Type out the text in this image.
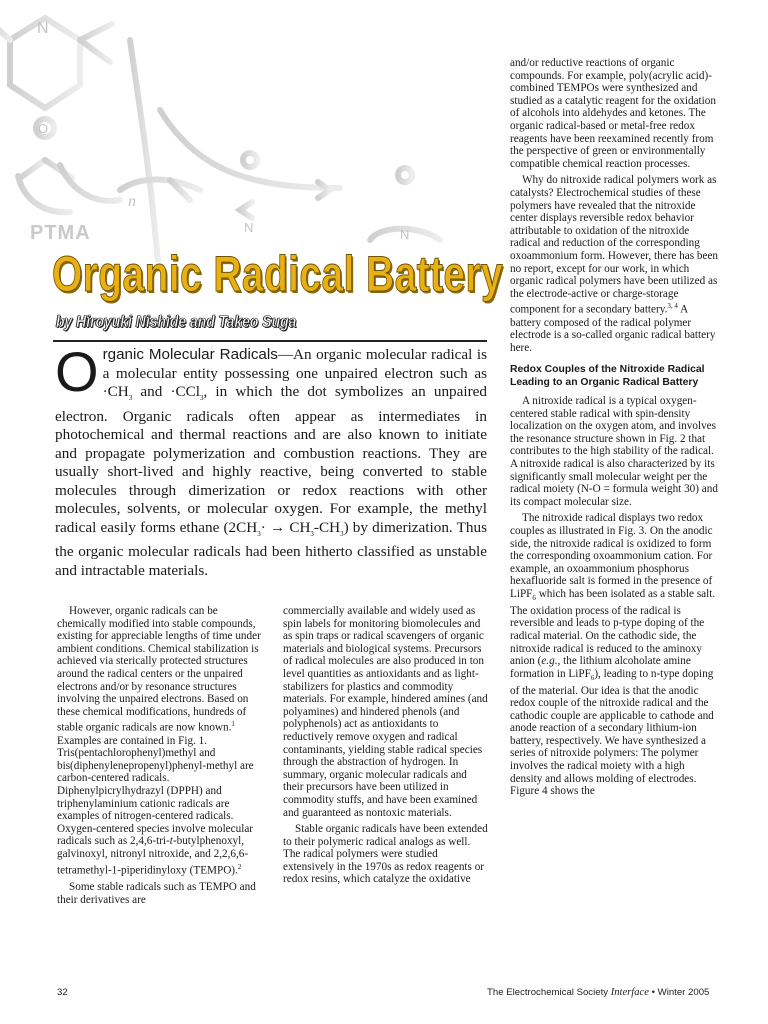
n
N
O
N	N
PTMA
Organic Radical Battery
by Hiroyuki Nishide and Takeo Suga

Organic Molecular Radicals—An organic molecular radical is a molecular entity possessing one unpaired electron such as $\cdot CH_3$ and ·CCl$_3$, in which the dot symbolizes an unpaired electron. Organic radicals often appear as intermediates in photochemical and thermal reactions and are also known to initiate and propagate polymerization and combustion reactions. They are usually short-lived and highly reactive, being converted to stable molecules through dimerization or redox reactions with other molecules, solvents, or molecular oxygen. For example, the methyl radical easily forms ethane $(2CH_3\cdot \to CH_3-CH_3)$ by dimerization. Thus the organic molecular radicals had been hitherto classified as unstable and intractable materials.

However, organic radicals can be chemically modified into stable compounds, existing for appreciable lengths of time under ambient conditions. Chemical stabilization is achieved via sterically protected structures around the radical centers or the unpaired electrons and/or by resonance structures involving the unpaired electrons. Based on these chemical modifications, hundreds of stable organic radicals are now known.$^1$ Examples are contained in Fig. 1. Tris(pentachlorophenyl)methyl and bis(diphenylenepropenyl)phenyl-methyl are carbon-centered radicals. Diphenylpicrylhydrazyl (DPPH) and triphenylaminium cationic radicals are examples of nitrogen-centered radicals. Oxygen-centered species involve molecular radicals such as 2,4,6-tri-t-butylphenoxyl, galvinoxyl, nitronyl nitroxide, and 2,2,6,6-tetramethyl-1-piperidinyloxy (TEMPO).$^2$

Some stable radicals such as TEMPO and their derivatives are

commercially available and widely used as spin labels for monitoring biomolecules and as spin traps or radical scavengers of organic materials and biological systems. Precursors of radical molecules are also produced in ton level quantities as antioxidants and as light-stabilizers for plastics and commodity materials. For example, hindered amines (and polyamines) and hindered phenols (and polyphenols) act as antioxidants to reductively remove oxygen and radical contaminants, yielding stable radical species through the abstraction of hydrogen. In summary, organic molecular radicals and their precursors have been utilized in commodity stuffs, and have been examined and guaranteed as nontoxic materials.

Stable organic radicals have been extended to their polymeric radical analogs as well. The radical polymers were studied extensively in the 1970s as redox reagents or redox resins, which catalyze the oxidative

and/or reductive reactions of organic compounds. For example, poly(acrylic acid)-combined TEMPOs were synthesized and studied as a catalytic reagent for the oxidation of alcohols into aldehydes and ketones. The organic radical-based or metal-free redox reagents have been reexamined recently from the perspective of green or environmentally compatible chemical reaction processes.

Why do nitroxide radical polymers work as catalysts? Electrochemical studies of these polymers have revealed that the nitroxide center displays reversible redox behavior attributable to oxidation of the nitroxide radical and reduction of the corresponding oxoammonium form. However, there has been no report, except for our work, in which organic radical polymers have been utilized as the electrode-active or charge-storage component for a secondary battery.$^{3, 4}$ A battery composed of the radical polymer electrode is a so-called organic radical battery here.

Redox Couples of the Nitroxide Radical Leading to an Organic Radical Battery

A nitroxide radical is a typical oxygen-centered stable radical with spin-density localization on the oxygen atom, and involves the resonance structure shown in Fig. 2 that contributes to the high stability of the radical. A nitroxide radical is also characterized by its significantly small molecular weight per the radical moiety (N-O = formula weight 30) and its compact molecular size.

The nitroxide radical displays two redox couples as illustrated in Fig. 3. On the anodic side, the nitroxide radical is oxidized to form the corresponding oxoammonium cation. For example, an oxoammonium phosphorus hexafluoride salt is formed in the presence of LiPF$_6$ which has been isolated as a stable salt. The oxidation process of the radical is reversible and leads to p-type doping of the radical material. On the cathodic side, the nitroxide radical is reduced to the aminoxy anion (e.g., the lithium alcoholate amine formation in LiPF$_6$), leading to n-type doping of the material. Our idea is that the anodic redox couple of the nitroxide radical and the cathodic couple are applicable to cathode and anode reaction of a secondary lithium-ion battery, respectively. We have synthesized a series of nitroxide polymers: The polymer involves the radical moiety with a high density and allows molding of electrodes. Figure 4 shows the

32	The Electrochemical Society Interface • Winter 2005
